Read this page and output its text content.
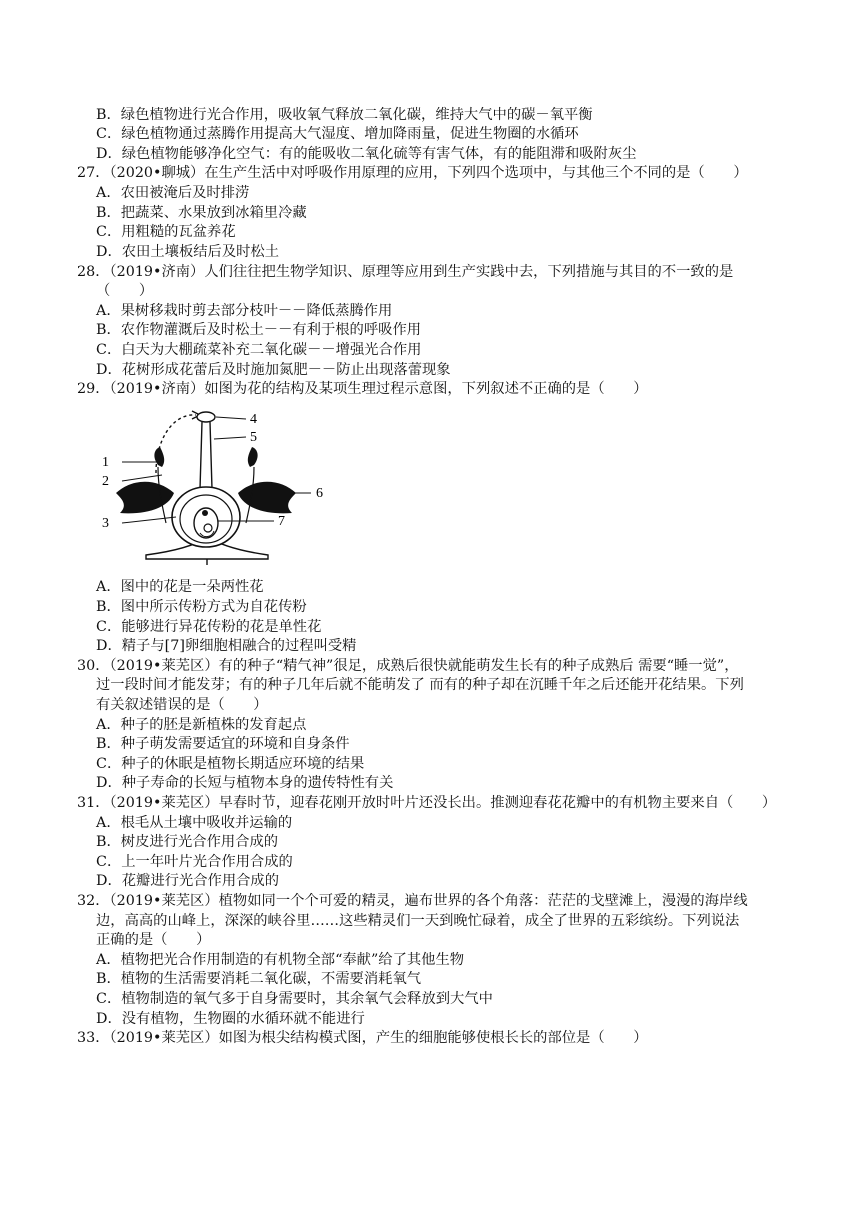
B．绿色植物进行光合作用，吸收氧气释放二氧化碳，维持大气中的碳－氧平衡
C．绿色植物通过蒸腾作用提高大气湿度、增加降雨量，促进生物圈的水循环
D．绿色植物能够净化空气：有的能吸收二氧化硫等有害气体，有的能阻滞和吸附灰尘
27．（2020•聊城）在生产生活中对呼吸作用原理的应用，下列四个选项中，与其他三个不同的是（　　）
A．农田被淹后及时排涝
B．把蔬菜、水果放到冰箱里冷藏
C．用粗糙的瓦盆养花
D．农田土壤板结后及时松土
28．（2019•济南）人们往往把生物学知识、原理等应用到生产实践中去，下列措施与其目的不一致的是
（　　）
A．果树移栽时剪去部分枝叶－－降低蒸腾作用
B．农作物灌溉后及时松土－－有利于根的呼吸作用
C．白天为大棚疏菜补充二氧化碳－－增强光合作用
D．花树形成花蕾后及时施加氮肥－－防止出现落蕾现象
29．（2019•济南）如图为花的结构及某项生理过程示意图，下列叙述不正确的是（　　）
A．图中的花是一朵两性花
B．图中所示传粉方式为自花传粉
C．能够进行异花传粉的花是单性花
D．精子与[7]卵细胞相融合的过程叫受精
30．（2019•莱芜区）有的种子“精气神”很足，成熟后很快就能萌发生长有的种子成熟后 需要“睡一觉”，
过一段时间才能发芽；有的种子几年后就不能萌发了 而有的种子却在沉睡千年之后还能开花结果。下列
有关叙述错误的是（　　）
A．种子的胚是新植株的发育起点
B．种子萌发需要适宜的环境和自身条件
C．种子的休眠是植物长期适应环境的结果
D．种子寿命的长短与植物本身的遗传特性有关
31．（2019•莱芜区）早春时节，迎春花刚开放时叶片还没长出。推测迎春花花瓣中的有机物主要来自（　　）
A．根毛从土壤中吸收并运输的
B．树皮进行光合作用合成的
C．上一年叶片光合作用合成的
D．花瓣进行光合作用合成的
32．（2019•莱芜区）植物如同一个个可爱的精灵，遍布世界的各个角落：茫茫的戈壁滩上，漫漫的海岸线
边，高高的山峰上，深深的峡谷里……这些精灵们一天到晚忙碌着，成全了世界的五彩缤纷。下列说法
正确的是（　　）
A．植物把光合作用制造的有机物全部“奉献”给了其他生物
B．植物的生活需要消耗二氧化碳，不需要消耗氧气
C．植物制造的氧气多于自身需要时，其余氧气会释放到大气中
D．没有植物，生物圈的水循环就不能进行
33．（2019•莱芜区）如图为根尖结构模式图，产生的细胞能够使根长长的部位是（　　）
1
2
3
4
5
6
7
